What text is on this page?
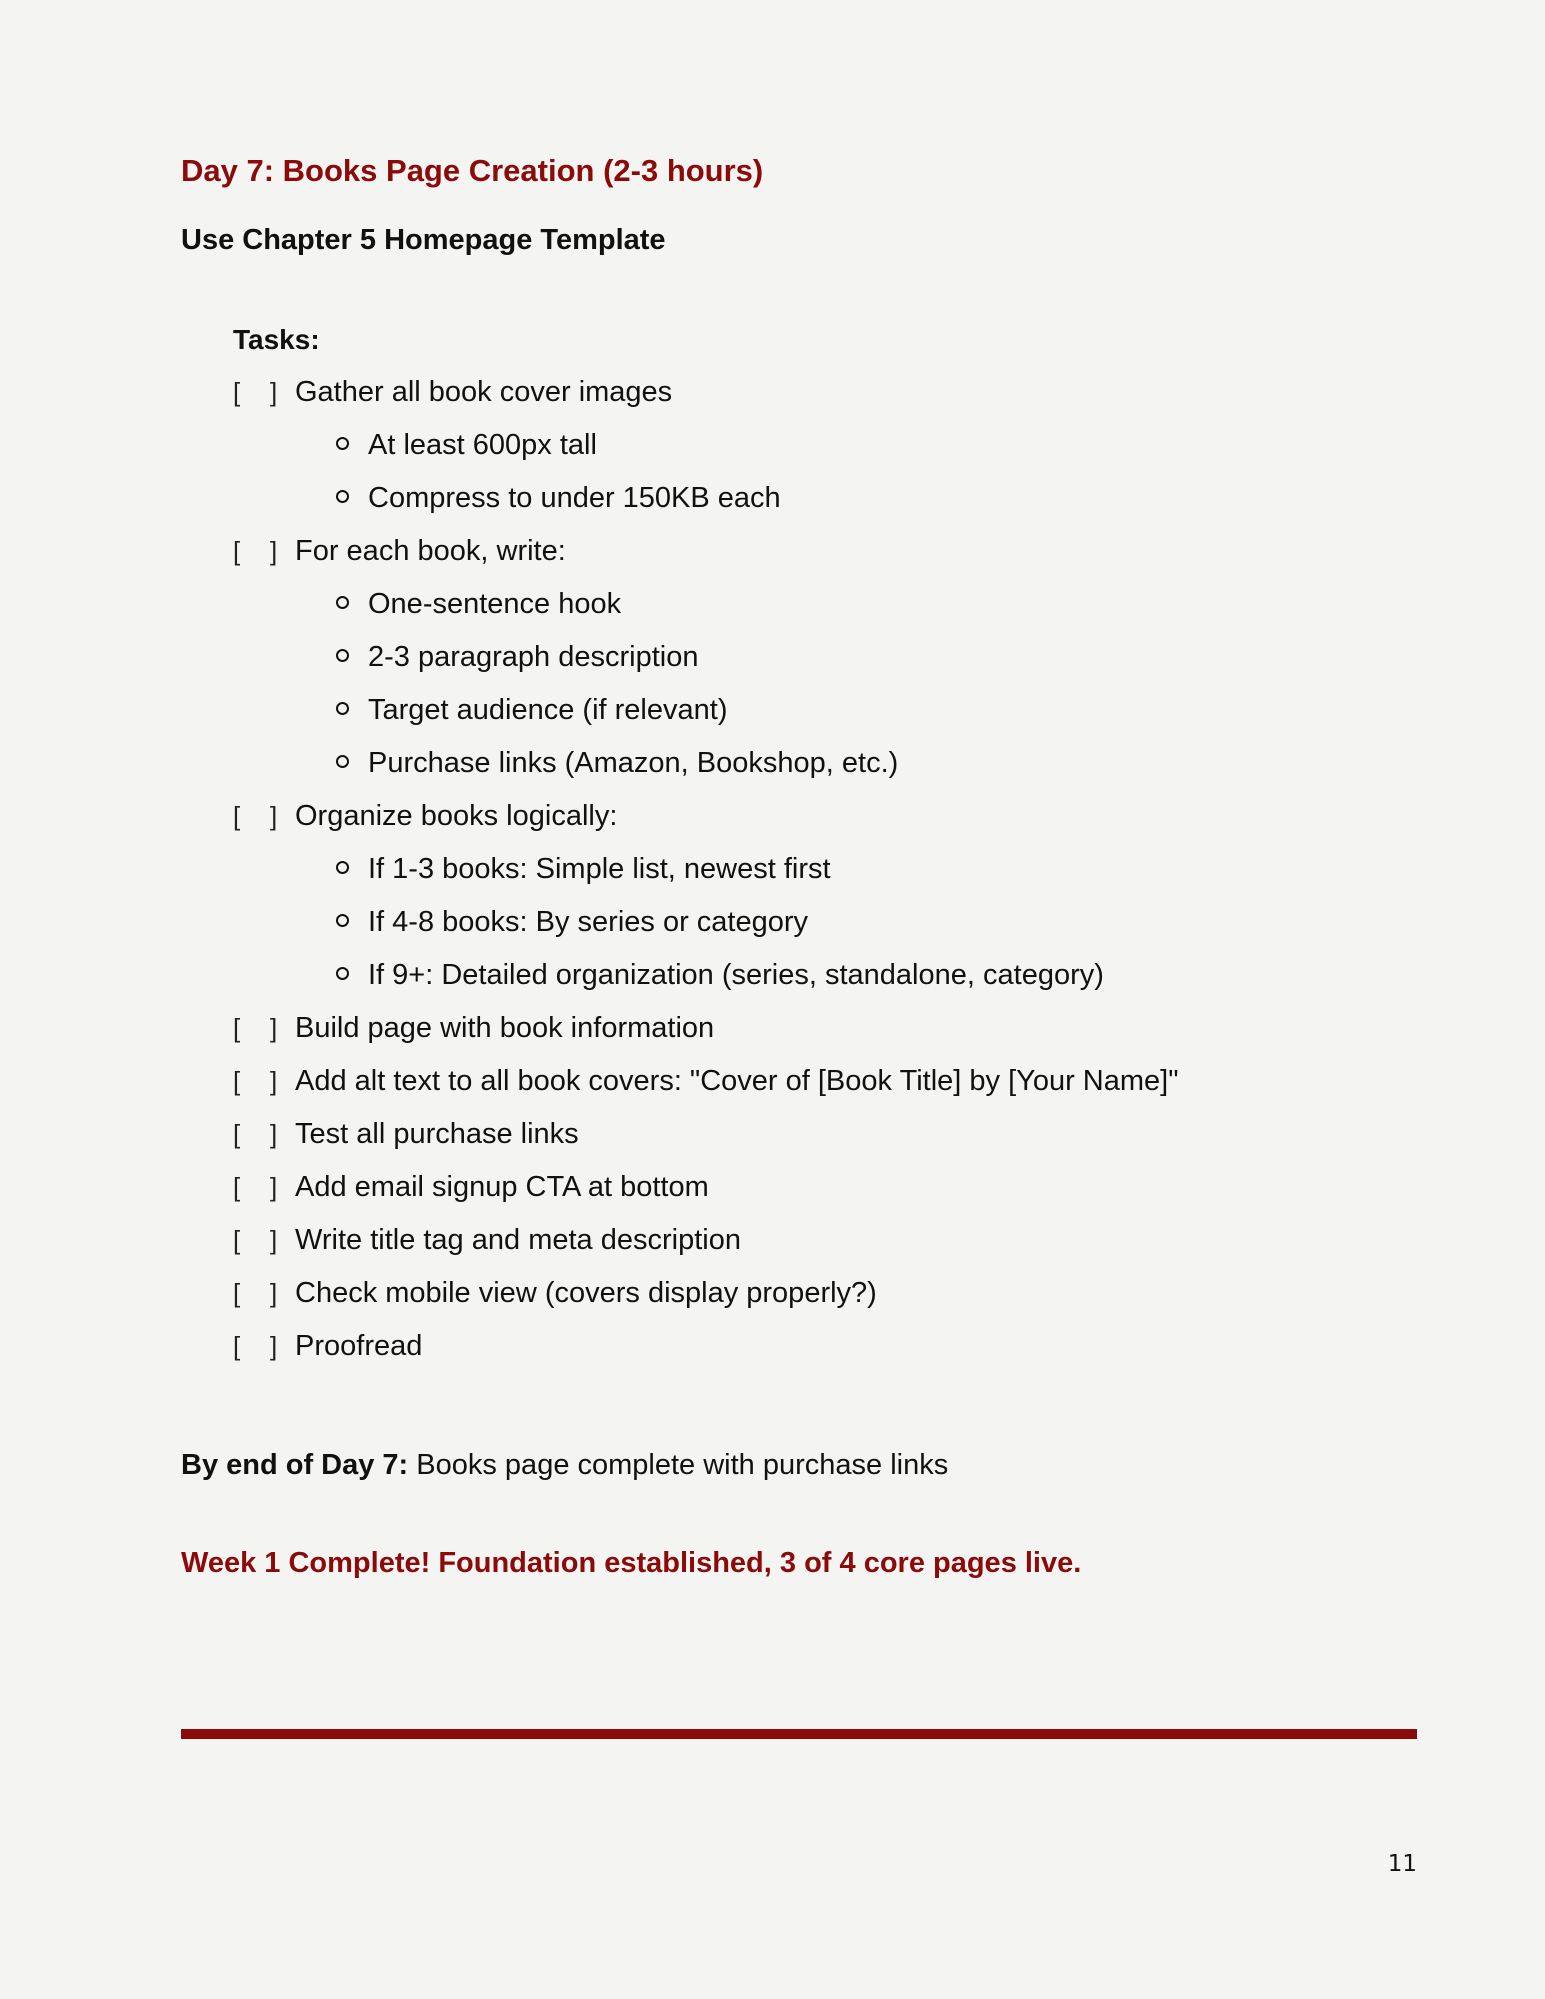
Day 7: Books Page Creation (2-3 hours)
Use Chapter 5 Homepage Template
Tasks:
[ ] Gather all book cover images
At least 600px tall
Compress to under 150KB each
[ ] For each book, write:
One-sentence hook
2-3 paragraph description
Target audience (if relevant)
Purchase links (Amazon, Bookshop, etc.)
[ ] Organize books logically:
If 1-3 books: Simple list, newest first
If 4-8 books: By series or category
If 9+: Detailed organization (series, standalone, category)
[ ] Build page with book information
[ ] Add alt text to all book covers: "Cover of [Book Title] by [Your Name]"
[ ] Test all purchase links
[ ] Add email signup CTA at bottom
[ ] Write title tag and meta description
[ ] Check mobile view (covers display properly?)
[ ] Proofread

By end of Day 7: Books page complete with purchase links

Week 1 Complete! Foundation established, 3 of 4 core pages live.

11
